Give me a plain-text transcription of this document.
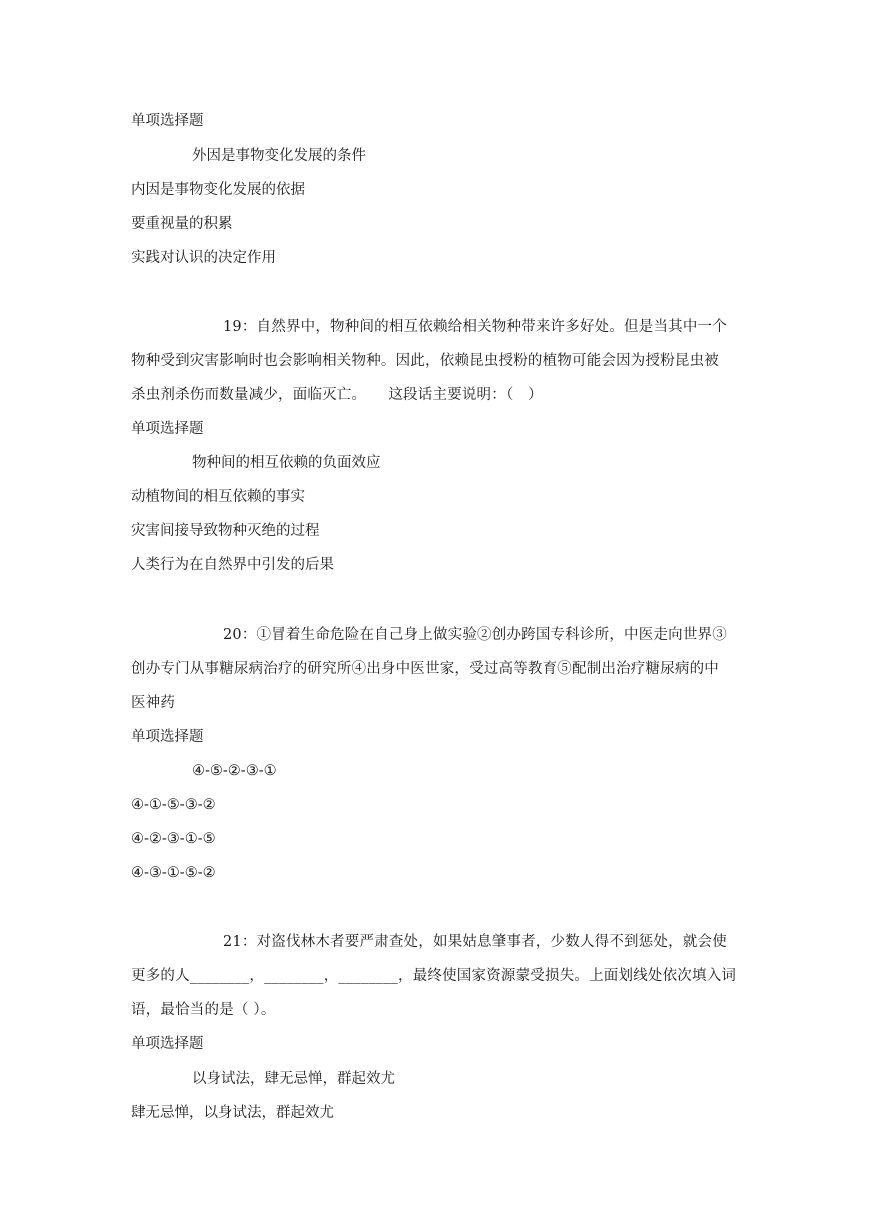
单项选择题

外因是事物变化发展的条件

内因是事物变化发展的依据

要重视量的积累

实践对认识的决定作用

19：自然界中，物种间的相互依赖给相关物种带来许多好处。但是当其中一个

物种受到灾害影响时也会影响相关物种。因此，依赖昆虫授粉的植物可能会因为授粉昆虫被

杀虫剂杀伤而数量减少，面临灭亡。　　这段话主要说明：（　）

单项选择题

物种间的相互依赖的负面效应

动植物间的相互依赖的事实

灾害间接导致物种灭绝的过程

人类行为在自然界中引发的后果

20：①冒着生命危险在自己身上做实验②创办跨国专科诊所，中医走向世界③

创办专门从事糖尿病治疗的研究所④出身中医世家，受过高等教育⑤配制出治疗糖尿病的中

医神药

单项选择题

④-⑤-②-③-①

④-①-⑤-③-②

④-②-③-①-⑤

④-③-①-⑤-②

21：对盗伐林木者要严肃查处，如果姑息肇事者，少数人得不到惩处，就会使

更多的人________，________，________，最终使国家资源蒙受损失。上面划线处依次填入词

语，最恰当的是（ ）。

单项选择题

以身试法，肆无忌惮，群起效尤

肆无忌惮，以身试法，群起效尤
